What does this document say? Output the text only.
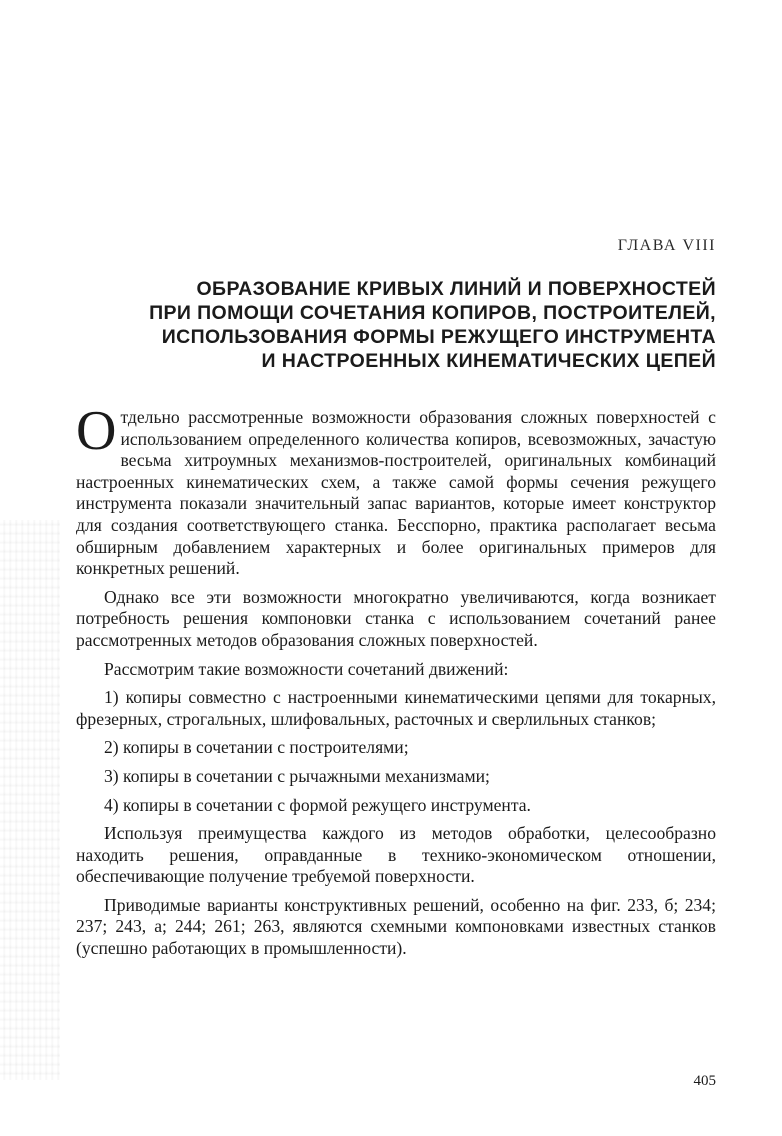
ГЛАВА VIII
ОБРАЗОВАНИЕ КРИВЫХ ЛИНИЙ И ПОВЕРХНОСТЕЙ
ПРИ ПОМОЩИ СОЧЕТАНИЯ КОПИРОВ, ПОСТРОИТЕЛЕЙ,
ИСПОЛЬЗОВАНИЯ ФОРМЫ РЕЖУЩЕГО ИНСТРУМЕНТА
И НАСТРОЕННЫХ КИНЕМАТИЧЕСКИХ ЦЕПЕЙ

Отдельно рассмотренные возможности образования сложных поверхностей с использованием определенного количества копиров, всевозможных, зачастую весьма хитроумных механизмов-построителей, оригинальных комбинаций настроенных кинематических схем, а также самой формы сечения режущего инструмента показали значительный запас вариантов, которые имеет конструктор для создания соответствующего станка. Бесспорно, практика располагает весьма обширным добавлением характерных и более оригинальных примеров для конкретных решений.

Однако все эти возможности многократно увеличиваются, когда возникает потребность решения компоновки станка с использованием сочетаний ранее рассмотренных методов образования сложных поверхностей.

Рассмотрим такие возможности сочетаний движений:

1) копиры совместно с настроенными кинематическими цепями для токарных, фрезерных, строгальных, шлифовальных, расточных и сверлильных станков;

2) копиры в сочетании с построителями;

3) копиры в сочетании с рычажными механизмами;

4) копиры в сочетании с формой режущего инструмента.

Используя преимущества каждого из методов обработки, целесообразно находить решения, оправданные в технико-экономическом отношении, обеспечивающие получение требуемой поверхности.

Приводимые варианты конструктивных решений, особенно на фиг. 233, б; 234; 237; 243, а; 244; 261; 263, являются схемными компоновками известных станков (успешно работающих в промышленности).

405
